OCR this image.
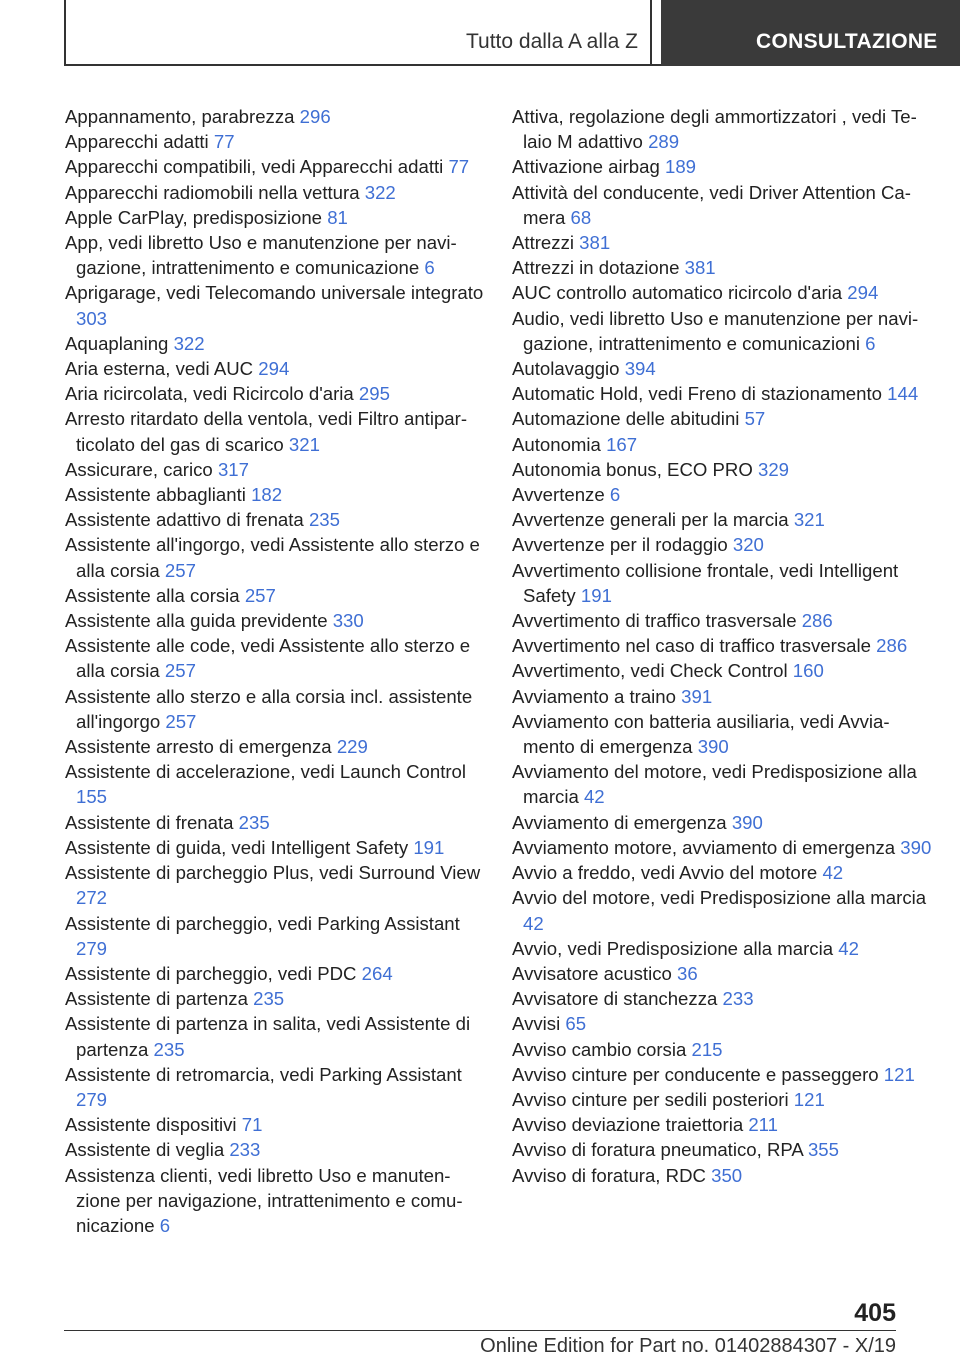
Tutto dalla A alla Z	CONSULTAZIONE
Appannamento, parabrezza 296
Apparecchi adatti 77
Apparecchi compatibili, vedi Apparecchi adatti 77
Apparecchi radiomobili nella vettura 322
Apple CarPlay, predisposizione 81
App, vedi libretto Uso e manutenzione per navigazione, intrattenimento e comunicazione 6
Aprigarage, vedi Telecomando universale integrato 303
Aquaplaning 322
Aria esterna, vedi AUC 294
Aria ricircolata, vedi Ricircolo d'aria 295
Arresto ritardato della ventola, vedi Filtro antiparticolato del gas di scarico 321
Assicurare, carico 317
Assistente abbaglianti 182
Assistente adattivo di frenata 235
Assistente all'ingorgo, vedi Assistente allo sterzo e alla corsia 257
Assistente alla corsia 257
Assistente alla guida previdente 330
Assistente alle code, vedi Assistente allo sterzo e alla corsia 257
Assistente allo sterzo e alla corsia incl. assistente all'ingorgo 257
Assistente arresto di emergenza 229
Assistente di accelerazione, vedi Launch Control 155
Assistente di frenata 235
Assistente di guida, vedi Intelligent Safety 191
Assistente di parcheggio Plus, vedi Surround View 272
Assistente di parcheggio, vedi Parking Assistant 279
Assistente di parcheggio, vedi PDC 264
Assistente di partenza 235
Assistente di partenza in salita, vedi Assistente di partenza 235
Assistente di retromarcia, vedi Parking Assistant 279
Assistente dispositivi 71
Assistente di veglia 233
Assistenza clienti, vedi libretto Uso e manutenzione per navigazione, intrattenimento e comunicazione 6
Attiva, regolazione degli ammortizzatori , vedi Telaio M adattivo 289
Attivazione airbag 189
Attività del conducente, vedi Driver Attention Camera 68
Attrezzi 381
Attrezzi in dotazione 381
AUC controllo automatico ricircolo d'aria 294
Audio, vedi libretto Uso e manutenzione per navigazione, intrattenimento e comunicazioni 6
Autolavaggio 394
Automatic Hold, vedi Freno di stazionamento 144
Automazione delle abitudini 57
Autonomia 167
Autonomia bonus, ECO PRO 329
Avvertenze 6
Avvertenze generali per la marcia 321
Avvertenze per il rodaggio 320
Avvertimento collisione frontale, vedi Intelligent Safety 191
Avvertimento di traffico trasversale 286
Avvertimento nel caso di traffico trasversale 286
Avvertimento, vedi Check Control 160
Avviamento a traino 391
Avviamento con batteria ausiliaria, vedi Avviamento di emergenza 390
Avviamento del motore, vedi Predisposizione alla marcia 42
Avviamento di emergenza 390
Avviamento motore, avviamento di emergenza 390
Avvio a freddo, vedi Avvio del motore 42
Avvio del motore, vedi Predisposizione alla marcia 42
Avvio, vedi Predisposizione alla marcia 42
Avvisatore acustico 36
Avvisatore di stanchezza 233
Avvisi 65
Avviso cambio corsia 215
Avviso cinture per conducente e passeggero 121
Avviso cinture per sedili posteriori 121
Avviso deviazione traiettoria 211
Avviso di foratura pneumatico, RPA 355
Avviso di foratura, RDC 350
405
Online Edition for Part no. 01402884307 - X/19
